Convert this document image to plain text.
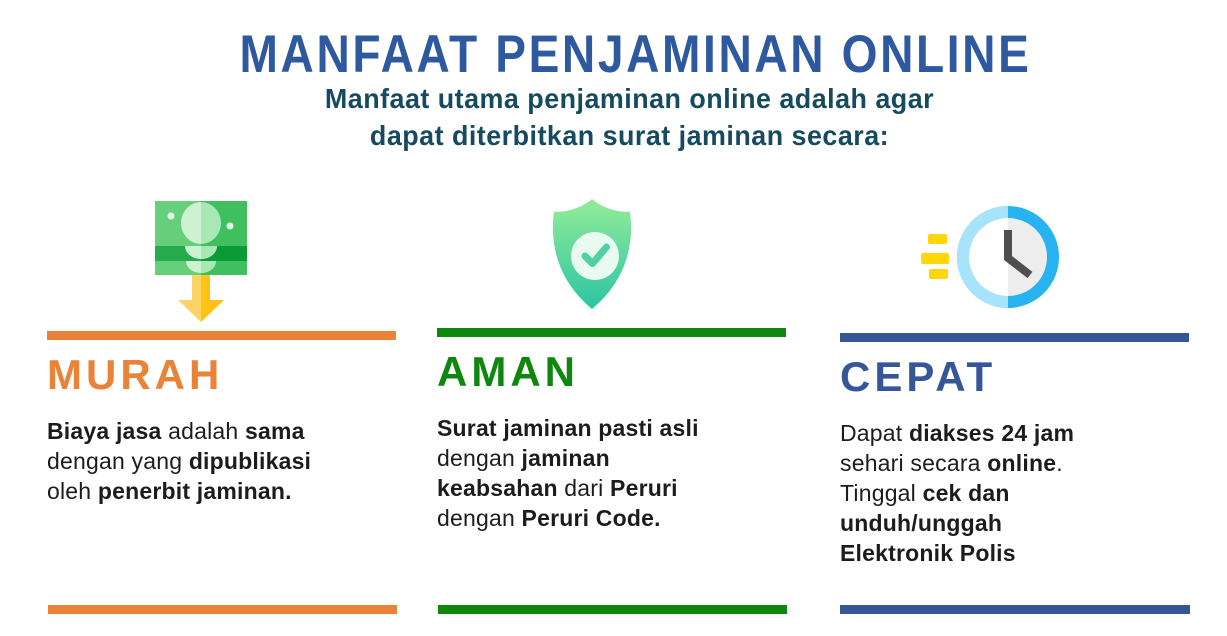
MANFAAT PENJAMINAN ONLINE
Manfaat utama penjaminan online adalah agar
dapat diterbitkan surat jaminan secara:
MURAH
Biaya jasa adalah sama
dengan yang dipublikasi
oleh penerbit jaminan.
AMAN
Surat jaminan pasti asli
dengan jaminan
keabsahan dari Peruri
dengan Peruri Code.
CEPAT
Dapat diakses 24 jam
sehari secara online.
Tinggal cek dan
unduh/unggah
Elektronik Polis
